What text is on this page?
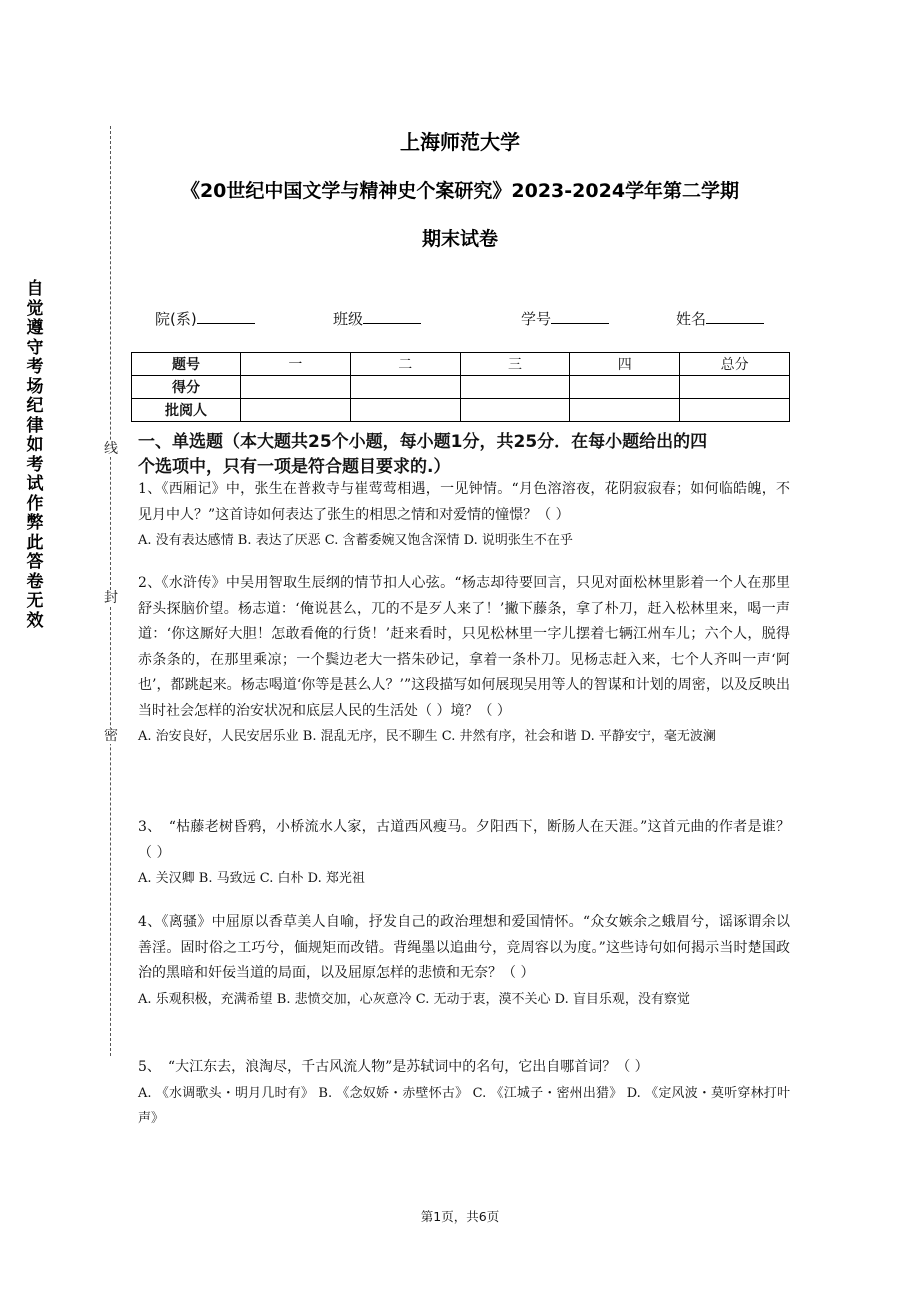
自觉遵守考场纪律如考试作弊此答卷无效
线
封
密
上海师范大学
《20世纪中国文学与精神史个案研究》2023-2024学年第二学期
期末试卷
院(系)	班级	学号	姓名
题号	一	二	三	四	总分
得分					
批阅人					
一、单选题（本大题共25个小题，每小题1分，共25分．在每小题给出的四
个选项中，只有一项是符合题目要求的.）

1、《西厢记》中，张生在普救寺与崔莺莺相遇，一见钟情。“月色溶溶夜，花阴寂寂春；如何临皓魄，不见月中人？”这首诗如何表达了张生的相思之情和对爱情的憧憬？（ ）

A. 没有表达感情 B. 表达了厌恶 C. 含蓄委婉又饱含深情 D. 说明张生不在乎

2、《水浒传》中吴用智取生辰纲的情节扣人心弦。“杨志却待要回言，只见对面松林里影着一个人在那里舒头探脑价望。杨志道：‘俺说甚么，兀的不是歹人来了！’撇下藤条，拿了朴刀，赶入松林里来，喝一声道：‘你这厮好大胆！怎敢看俺的行货！’赶来看时，只见松林里一字儿摆着七辆江州车儿；六个人，脱得赤条条的，在那里乘凉；一个鬓边老大一搭朱砂记，拿着一条朴刀。见杨志赶入来，七个人齐叫一声‘阿也’，都跳起来。杨志喝道‘你等是甚么人？’”这段描写如何展现吴用等人的智谋和计划的周密，以及反映出当时社会怎样的治安状况和底层人民的生活处（ ）境？（ ）

A. 治安良好，人民安居乐业 B. 混乱无序，民不聊生 C. 井然有序，社会和谐 D. 平静安宁，毫无波澜

3、　“枯藤老树昏鸦，小桥流水人家，古道西风瘦马。夕阳西下，断肠人在天涯。”这首元曲的作者是谁？（ ）

A. 关汉卿 B. 马致远 C. 白朴 D. 郑光祖

4、《离骚》中屈原以香草美人自喻，抒发自己的政治理想和爱国情怀。“众女嫉余之蛾眉兮，谣诼谓余以善淫。固时俗之工巧兮，偭规矩而改错。背绳墨以追曲兮，竞周容以为度。”这些诗句如何揭示当时楚国政治的黑暗和奸佞当道的局面，以及屈原怎样的悲愤和无奈？（ ）

A. 乐观积极，充满希望 B. 悲愤交加，心灰意冷 C. 无动于衷，漠不关心 D. 盲目乐观，没有察觉

5、　“大江东去，浪淘尽，千古风流人物”是苏轼词中的名句，它出自哪首词？（ ）

A. 《水调歌头・明月几时有》 B. 《念奴娇・赤壁怀古》 C. 《江城子・密州出猎》 D. 《定风波・莫听穿林打叶声》

第1页，共6页
